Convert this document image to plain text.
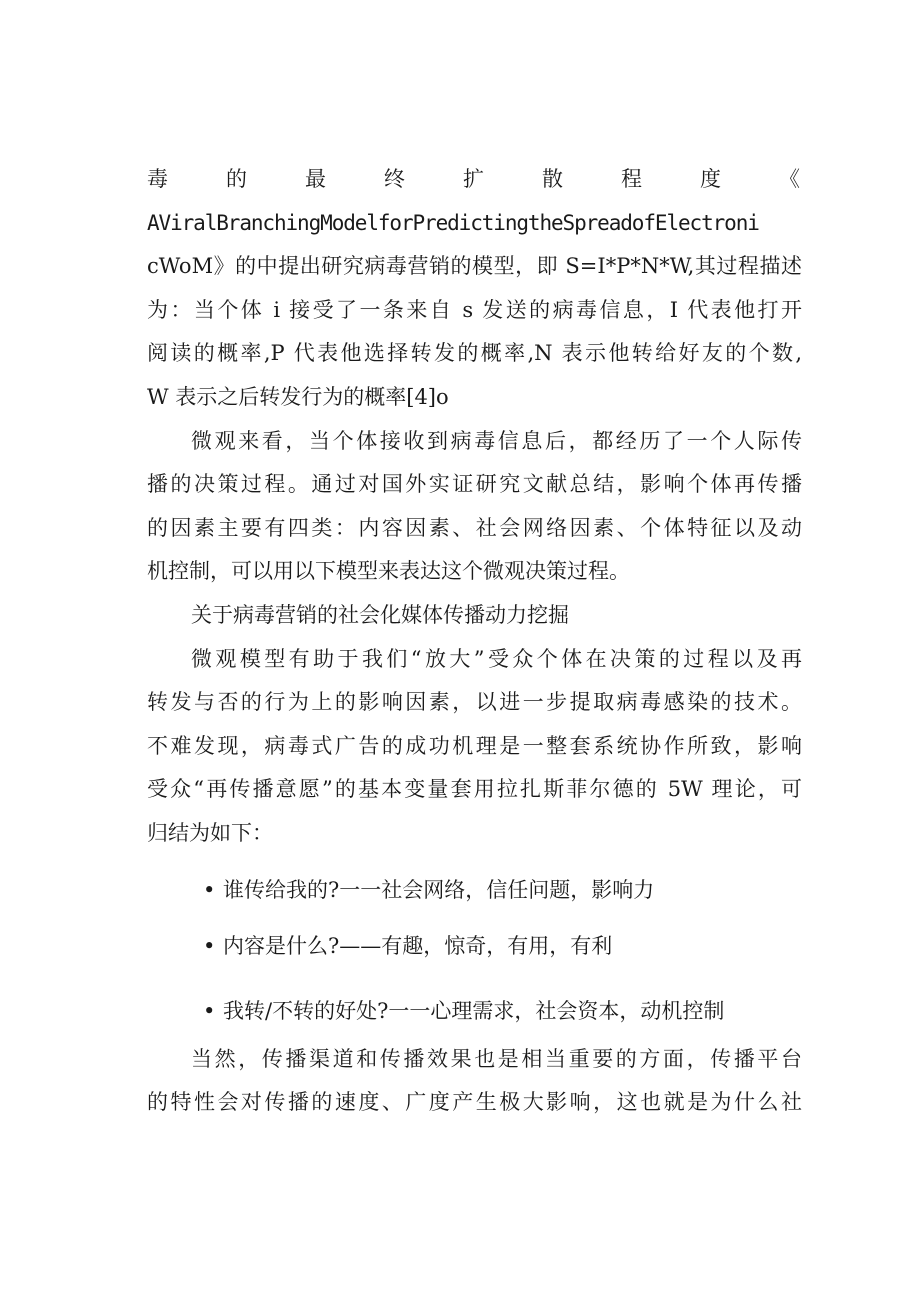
毒	的	最	终	扩	散	程	度	《
AViralBranchingModelforPredictingtheSpreadofElectroni
cWoM》的中提出研究病毒营销的模型，即 S=I*P*N*W,其过程描述
为：当个体 i 接受了一条来自 s 发送的病毒信息，I 代表他打开
阅读的概率,P 代表他选择转发的概率,N 表示他转给好友的个数,
W 表示之后转发行为的概率[4]o
微观来看，当个体接收到病毒信息后，都经历了一个人际传
播的决策过程。通过对国外实证研究文献总结，影响个体再传播
的因素主要有四类：内容因素、社会网络因素、个体特征以及动
机控制，可以用以下模型来表达这个微观决策过程。
关于病毒营销的社会化媒体传播动力挖掘
微观模型有助于我们“放大”受众个体在决策的过程以及再
转发与否的行为上的影响因素，以进一步提取病毒感染的技术。
不难发现，病毒式广告的成功机理是一整套系统协作所致，影响
受众“再传播意愿”的基本变量套用拉扎斯菲尔德的 5W 理论，可
归结为如下：
• 谁传给我的?一一社会网络，信任问题，影响力
• 内容是什么?——有趣，惊奇，有用，有利
• 我转/不转的好处?一一心理需求，社会资本，动机控制
当然，传播渠道和传播效果也是相当重要的方面，传播平台
的特性会对传播的速度、广度产生极大影响，这也就是为什么社
